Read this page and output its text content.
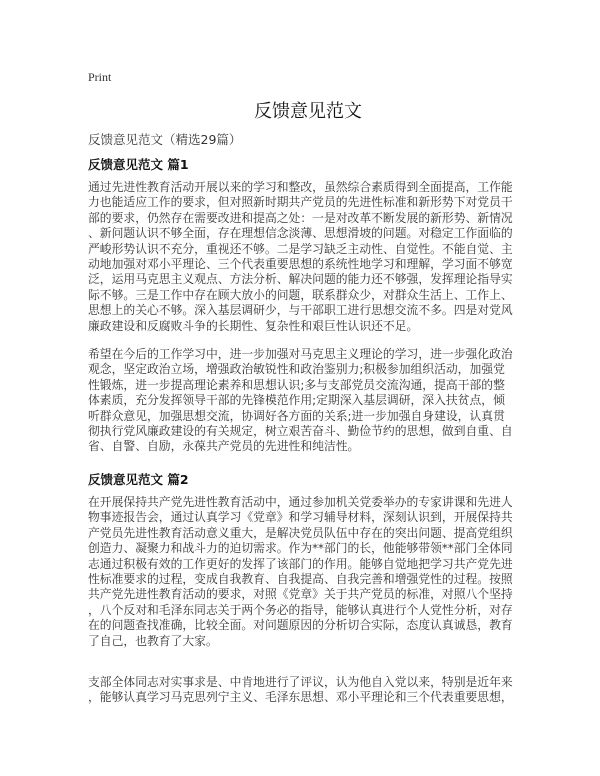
Print
反馈意见范文
反馈意见范文（精选29篇）
反馈意见范文 篇1
通过先进性教育活动开展以来的学习和整改，虽然综合素质得到全面提高，工作能
力也能适应工作的要求，但对照新时期共产党员的先进性标准和新形势下对党员干
部的要求，仍然存在需要改进和提高之处：一是对改革不断发展的新形势、新情况
、新问题认识不够全面，存在理想信念淡薄、思想滑坡的问题。对稳定工作面临的
严峻形势认识不充分，重视还不够。二是学习缺乏主动性、自觉性。不能自觉、主
动地加强对邓小平理论、三个代表重要思想的系统性地学习和理解，学习面不够宽
泛，运用马克思主义观点、方法分析、解决问题的能力还不够强，发挥理论指导实
际不够。三是工作中存在顾大放小的问题，联系群众少，对群众生活上、工作上、
思想上的关心不够。深入基层调研少，与干部职工进行思想交流不多。四是对党风
廉政建设和反腐败斗争的长期性、复杂性和艰巨性认识还不足。
希望在今后的工作学习中，进一步加强对马克思主义理论的学习，进一步强化政治
观念，坚定政治立场，增强政治敏锐性和政治鉴别力;积极参加组织活动，加强党
性锻炼，进一步提高理论素养和思想认识;多与支部党员交流沟通，提高干部的整
体素质，充分发挥领导干部的先锋模范作用;定期深入基层调研，深入扶贫点，倾
听群众意见，加强思想交流，协调好各方面的关系;进一步加强自身建设，认真贯
彻执行党风廉政建设的有关规定，树立艰苦奋斗、勤俭节约的思想，做到自重、自
省、自警、自励，永葆共产党员的先进性和纯洁性。
反馈意见范文 篇2
在开展保持共产党先进性教育活动中，通过参加机关党委举办的专家讲课和先进人
物事迹报告会，通过认真学习《党章》和学习辅导材料，深刻认识到，开展保持共
产党员先进性教育活动意义重大，是解决党员队伍中存在的突出问题、提高党组织
创造力、凝聚力和战斗力的迫切需求。作为**部门的长，他能够带领**部门全体同
志通过积极有效的工作更好的发挥了该部门的作用。能够自觉地把学习共产党先进
性标准要求的过程，变成自我教育、自我提高、自我完善和增强党性的过程。按照
共产党先进性教育活动的要求，对照《党章》关于共产党员的标准，对照八个坚持
，八个反对和毛泽东同志关于两个务必的指导，能够认真进行个人党性分析，对存
在的问题查找准确，比较全面。对问题原因的分析切合实际，态度认真诚恳，教育
了自己，也教育了大家。
支部全体同志对实事求是、中肯地进行了评议，认为他自入党以来，特别是近年来
，能够认真学习马克思列宁主义、毛泽东思想、邓小平理论和三个代表重要思想，
